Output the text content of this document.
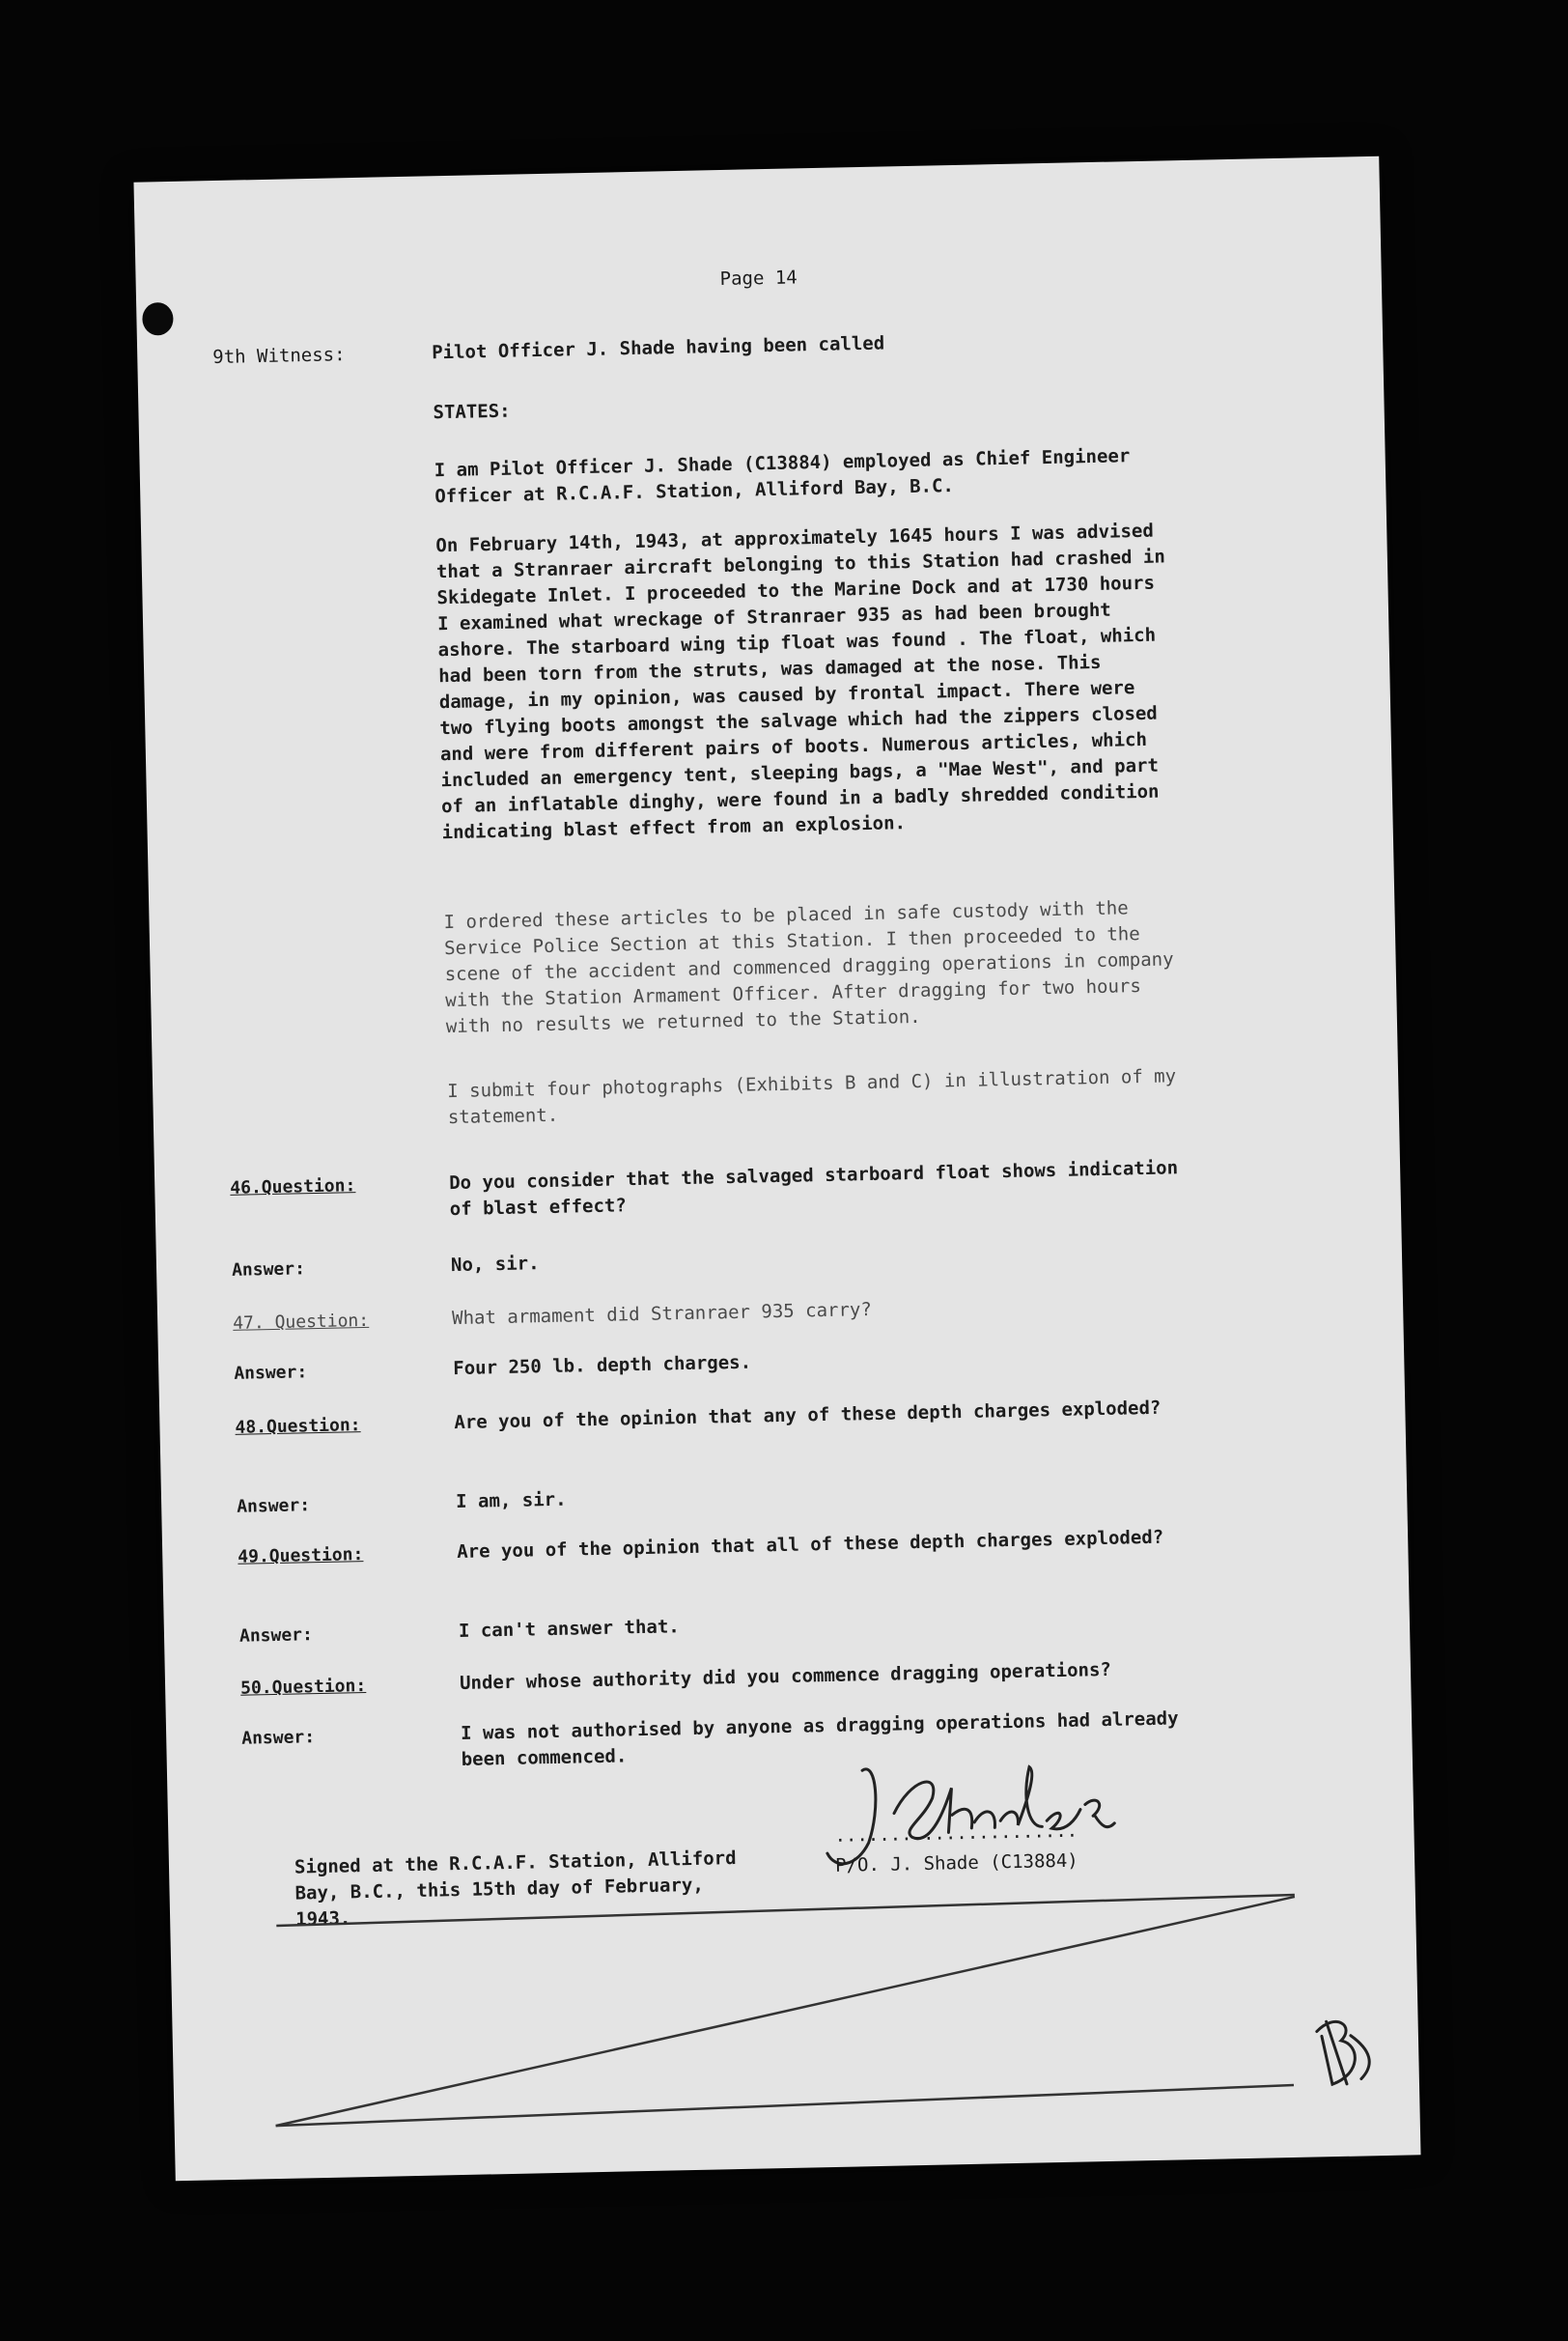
Page 14
9th Witness:	Pilot Officer J. Shade having been called
STATES:
I am Pilot Officer J. Shade (C13884) employed as Chief Engineer Officer at R.C.A.F. Station, Alliford Bay, B.C.
On February 14th, 1943, at approximately 1645 hours I was advised that a Stranraer aircraft belonging to this Station had crashed in Skidegate Inlet. I proceeded to the Marine Dock and at 1730 hours I examined what wreckage of Stranraer 935 as had been brought ashore. The starboard wing tip float was found . The float, which had been torn from the struts, was damaged at the nose. This damage, in my opinion, was caused by frontal impact. There were two flying boots amongst the salvage which had the zippers closed and were from different pairs of boots. Numerous articles, which included an emergency tent, sleeping bags, a "Mae West", and part of an inflatable dinghy, were found in a badly shredded condition indicating blast effect from an explosion.
I ordered these articles to be placed in safe custody with the Service Police Section at this Station. I then proceeded to the scene of the accident and commenced dragging operations in company with the Station Armament Officer. After dragging for two hours with no results we returned to the Station.
I submit four photographs (Exhibits B and C) in illustration of my statement.
46.Question:	Do you consider that the salvaged starboard float shows indication of blast effect?
Answer:	No, sir.
47. Question:	What armament did Stranraer 935 carry?
Answer:	Four 250 lb. depth charges.
48.Question:	Are you of the opinion that any of these depth charges exploded?
Answer:	I am, sir.
49.Question:	Are you of the opinion that all of these depth charges exploded?
Answer:	I can't answer that.
50.Question:	Under whose authority did you commence dragging operations?
Answer:	I was not authorised by anyone as dragging operations had already been commenced.
Signed at the R.C.A.F. Station, Alliford Bay, B.C., this 15th day of February, 1943.
......................
P/O. J. Shade (C13884)
